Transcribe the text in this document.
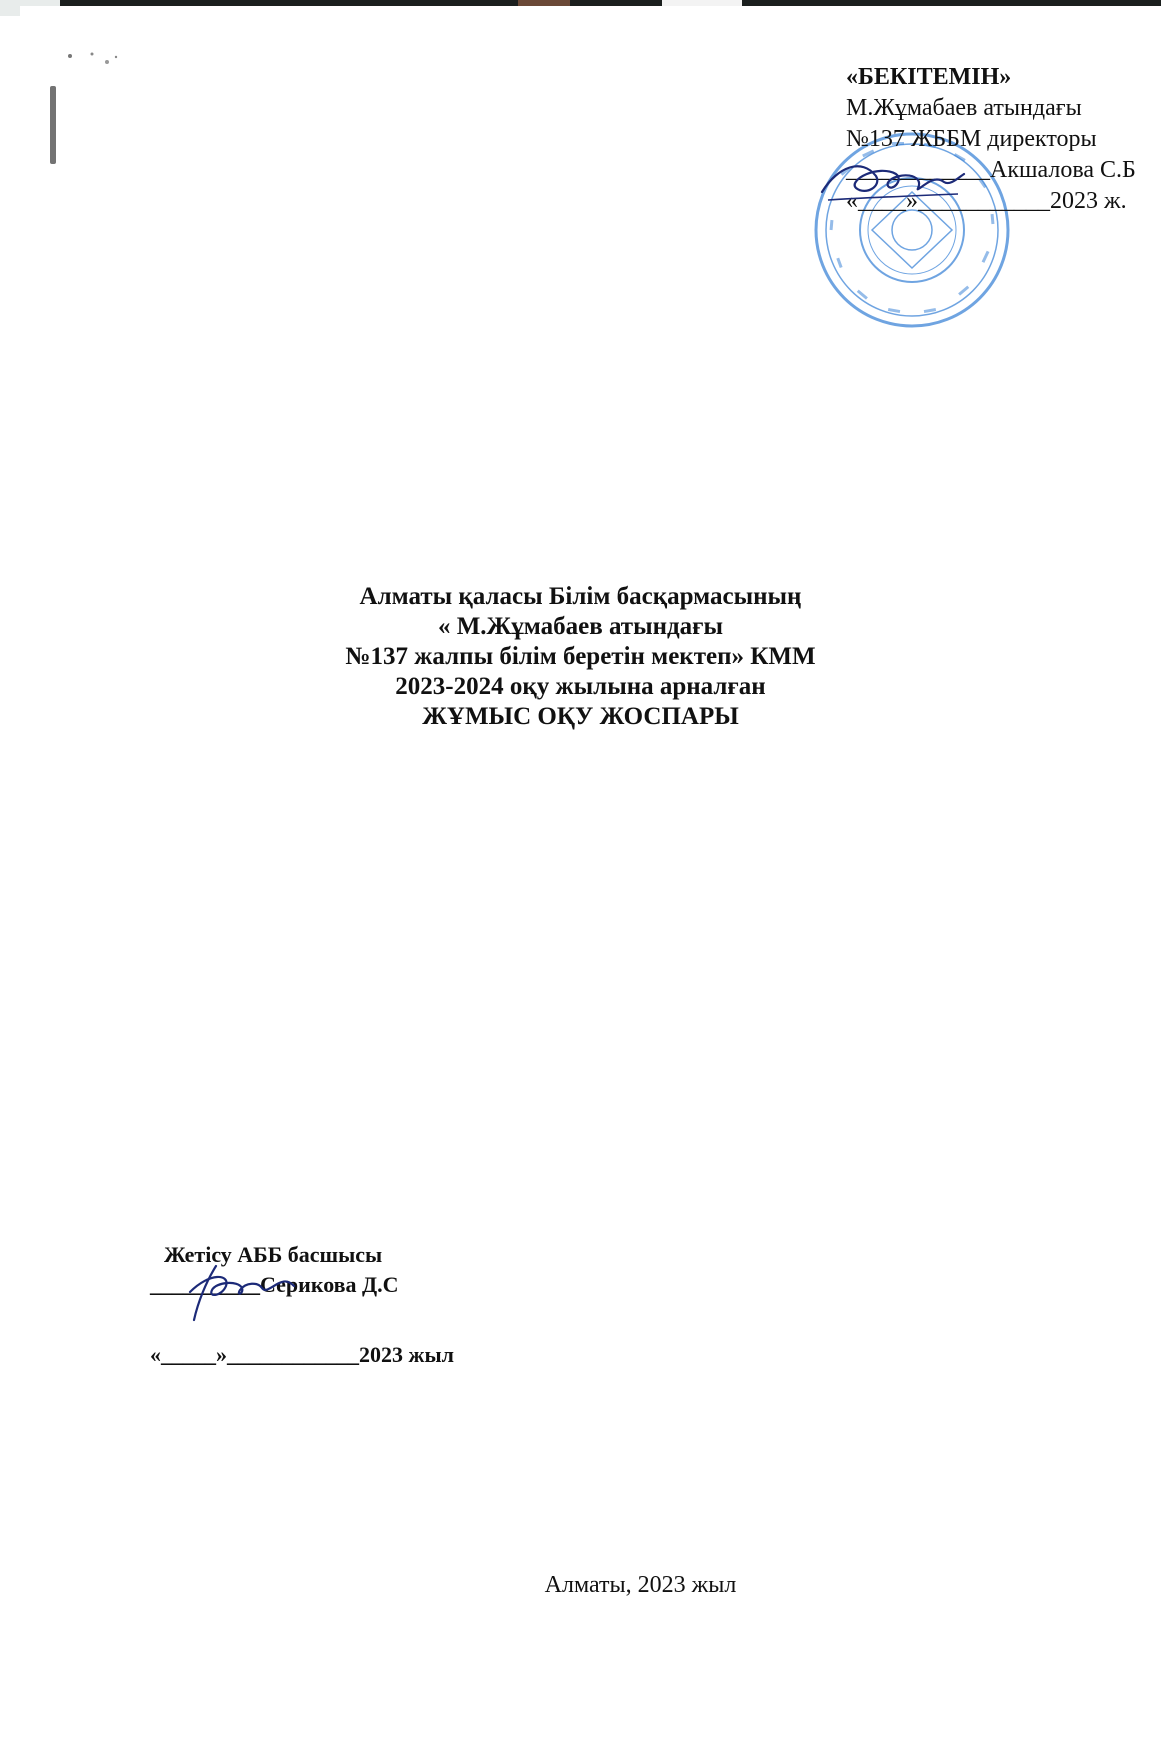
«БЕКІТЕМІН»
М.Жұмабаев атындағы
№137 ЖББМ директоры
____________Акшалова С.Б
«____»___________2023 ж.
Алматы қаласы Білім басқармасының
« М.Жұмабаев атындағы
№137 жалпы білім беретін мектеп» КММ
2023-2024 оқу жылына арналған
ЖҰМЫС ОҚУ ЖОСПАРЫ
Жетісу АББ басшысы
__________Серикова Д.С
«_____»____________2023 жыл
Алматы, 2023 жыл
